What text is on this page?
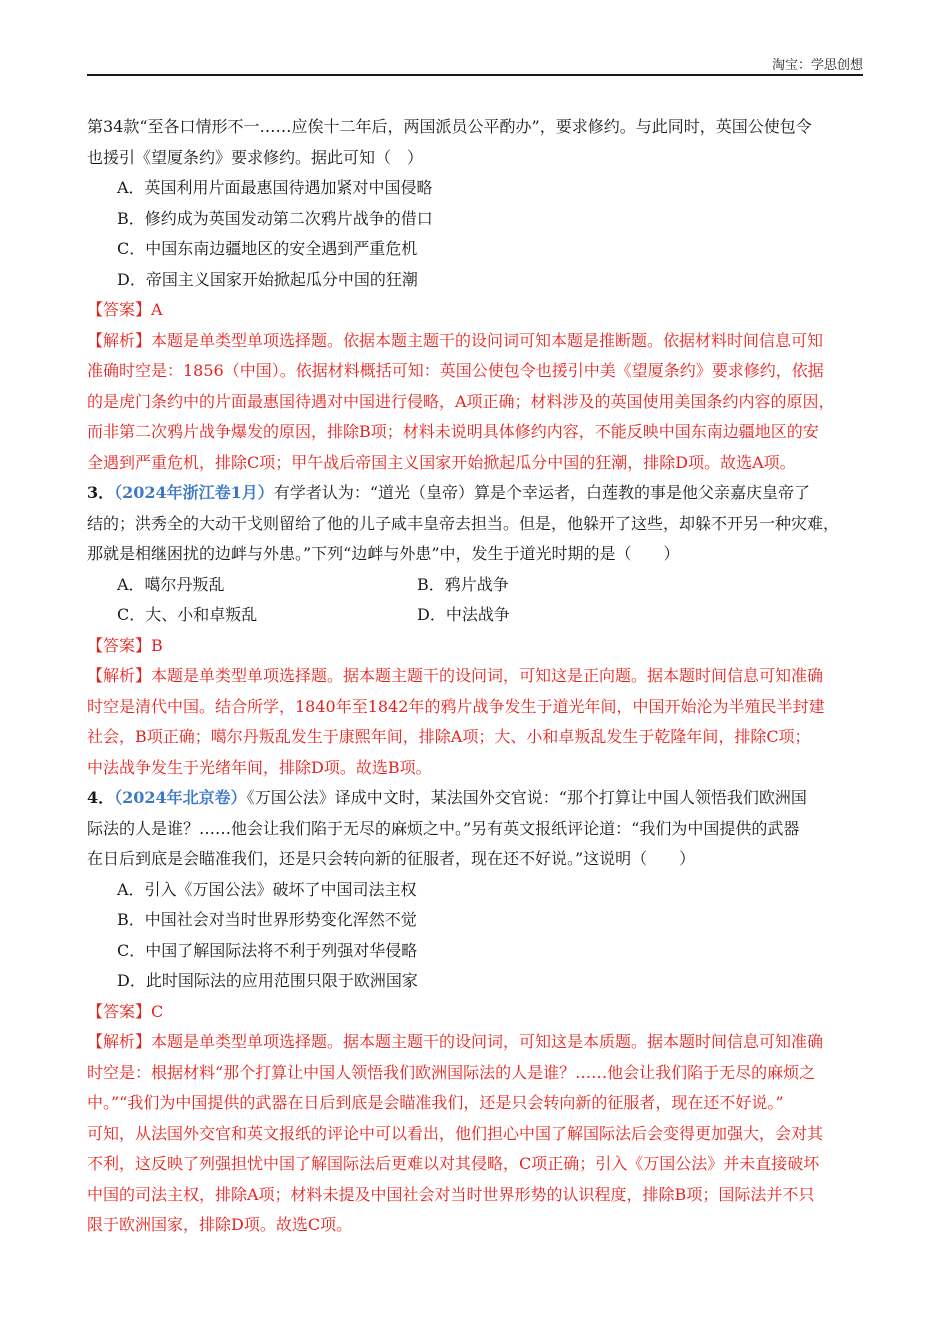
淘宝：学思创想
第34款“至各口情形不一……应俟十二年后，两国派员公平酌办”，要求修约。与此同时，英国公使包令
也援引《望厦条约》要求修约。据此可知（　）
A．英国利用片面最惠国待遇加紧对中国侵略
B．修约成为英国发动第二次鸦片战争的借口
C．中国东南边疆地区的安全遇到严重危机
D．帝国主义国家开始掀起瓜分中国的狂潮
【答案】A
【解析】本题是单类型单项选择题。依据本题主题干的设问词可知本题是推断题。依据材料时间信息可知
准确时空是：1856（中国）。依据材料概括可知：英国公使包令也援引中美《望厦条约》要求修约，依据
的是虎门条约中的片面最惠国待遇对中国进行侵略，A项正确；材料涉及的英国使用美国条约内容的原因，
而非第二次鸦片战争爆发的原因，排除B项；材料未说明具体修约内容，不能反映中国东南边疆地区的安
全遇到严重危机，排除C项；甲午战后帝国主义国家开始掀起瓜分中国的狂潮，排除D项。故选A项。
3．（2024年浙江卷1月）有学者认为：“道光（皇帝）算是个幸运者，白莲教的事是他父亲嘉庆皇帝了
结的；洪秀全的大动干戈则留给了他的儿子咸丰皇帝去担当。但是，他躲开了这些，却躲不开另一种灾难，
那就是相继困扰的边衅与外患。”下列“边衅与外患”中，发生于道光时期的是（　　）
A．噶尔丹叛乱	B．鸦片战争
C．大、小和卓叛乱	D．中法战争
【答案】B
【解析】本题是单类型单项选择题。据本题主题干的设问词，可知这是正向题。据本题时间信息可知准确
时空是清代中国。结合所学，1840年至1842年的鸦片战争发生于道光年间，中国开始沦为半殖民半封建
社会，B项正确；噶尔丹叛乱发生于康熙年间，排除A项；大、小和卓叛乱发生于乾隆年间，排除C项；
中法战争发生于光绪年间，排除D项。故选B项。
4．（2024年北京卷）《万国公法》译成中文时，某法国外交官说：“那个打算让中国人领悟我们欧洲国
际法的人是谁？……他会让我们陷于无尽的麻烦之中。”另有英文报纸评论道：“我们为中国提供的武器
在日后到底是会瞄准我们，还是只会转向新的征服者，现在还不好说。”这说明（　　）
A．引入《万国公法》破坏了中国司法主权
B．中国社会对当时世界形势变化浑然不觉
C．中国了解国际法将不利于列强对华侵略
D．此时国际法的应用范围只限于欧洲国家
【答案】C
【解析】本题是单类型单项选择题。据本题主题干的设问词，可知这是本质题。据本题时间信息可知准确
时空是：根据材料“那个打算让中国人领悟我们欧洲国际法的人是谁？……他会让我们陷于无尽的麻烦之
中。”“我们为中国提供的武器在日后到底是会瞄准我们，还是只会转向新的征服者，现在还不好说。”
可知，从法国外交官和英文报纸的评论中可以看出，他们担心中国了解国际法后会变得更加强大，会对其
不利，这反映了列强担忧中国了解国际法后更难以对其侵略，C项正确；引入《万国公法》并未直接破坏
中国的司法主权，排除A项；材料未提及中国社会对当时世界形势的认识程度，排除B项；国际法并不只
限于欧洲国家，排除D项。故选C项。
